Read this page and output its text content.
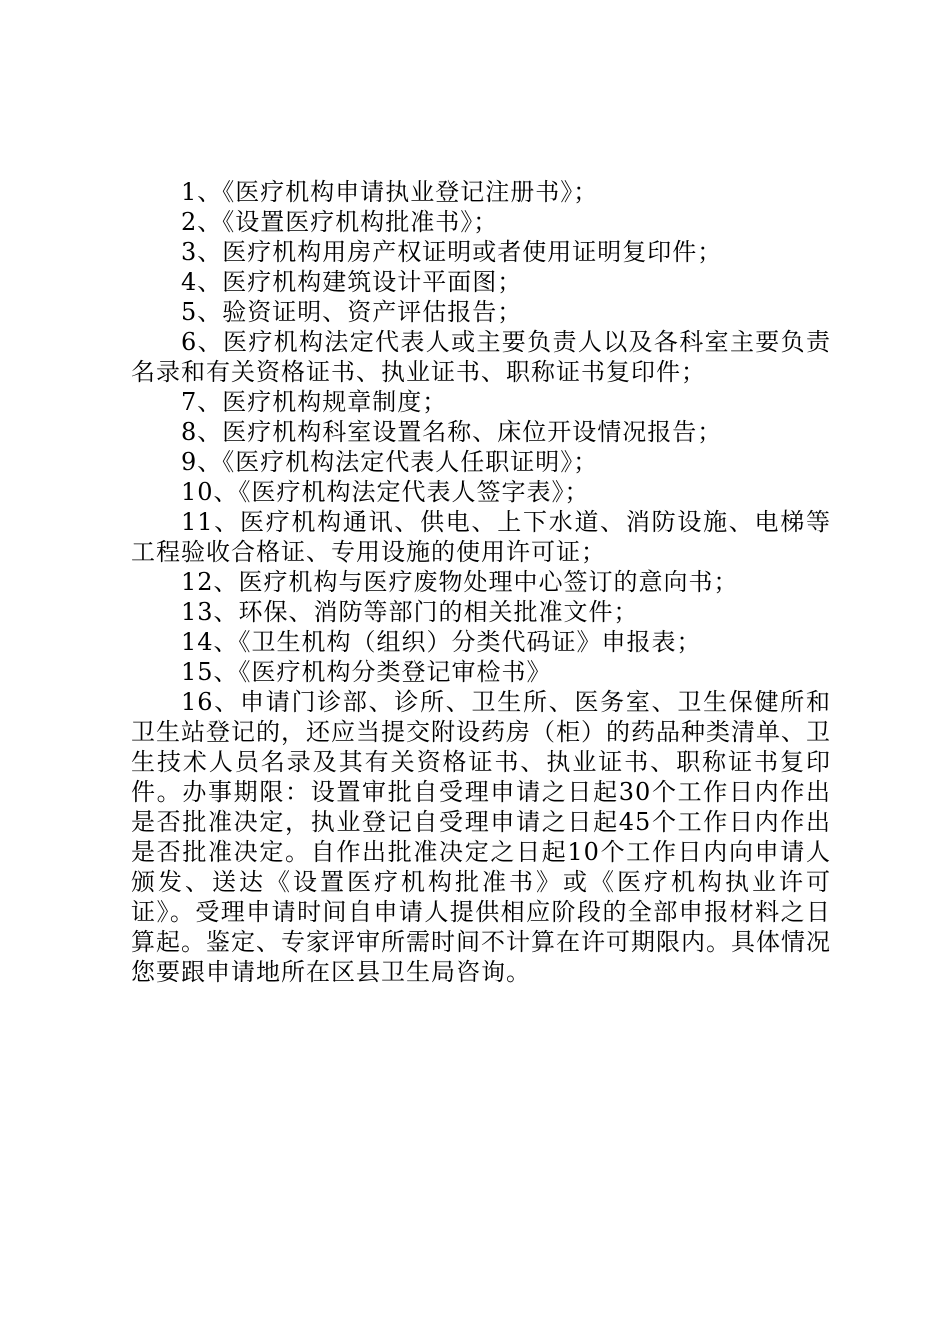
1、《医疗机构申请执业登记注册书》；

2、《设置医疗机构批准书》；

3、医疗机构用房产权证明或者使用证明复印件；

4、医疗机构建筑设计平面图；

5、验资证明、资产评估报告；

6、医疗机构法定代表人或主要负责人以及各科室主要负责名录和有关资格证书、执业证书、职称证书复印件；

7、医疗机构规章制度；

8、医疗机构科室设置名称、床位开设情况报告；

9、《医疗机构法定代表人任职证明》；

10、《医疗机构法定代表人签字表》；

11、医疗机构通讯、供电、上下水道、消防设施、电梯等工程验收合格证、专用设施的使用许可证；

12、医疗机构与医疗废物处理中心签订的意向书；

13、环保、消防等部门的相关批准文件；

14、《卫生机构（组织）分类代码证》申报表；

15、《医疗机构分类登记审检书》

16、申请门诊部、诊所、卫生所、医务室、卫生保健所和卫生站登记的，还应当提交附设药房（柜）的药品种类清单、卫生技术人员名录及其有关资格证书、执业证书、职称证书复印件。办事期限：设置审批自受理申请之日起30个工作日内作出是否批准决定，执业登记自受理申请之日起45个工作日内作出是否批准决定。自作出批准决定之日起10个工作日内向申请人颁发、送达《设置医疗机构批准书》或《医疗机构执业许可证》。受理申请时间自申请人提供相应阶段的全部申报材料之日算起。鉴定、专家评审所需时间不计算在许可期限内。具体情况您要跟申请地所在区县卫生局咨询。
